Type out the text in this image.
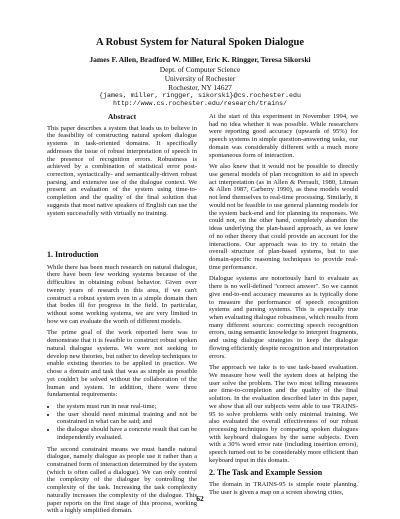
A Robust System for Natural Spoken Dialogue
James F. Allen, Bradford W. Miller, Eric K. Ringger, Teresa Sikorski
Dept. of Computer Science
University of Rochester
Rochester, NY 14627
{james, miller, ringger, sikorski}@cs.rochester.edu
http://www.cs.rochester.edu/research/trains/
Abstract

This paper describes a system that leads us to believe in the feasibility of constructing natural spoken dialogue systems in task-oriented domains. It specifically addresses the issue of robust interpretation of speech in the presence of recognition errors. Robustness is achieved by a combination of statistical error post-correction, syntactically- and semantically-driven robust parsing, and extensive use of the dialogue context. We present an evaluation of the system using time-to-completion and the quality of the final solution that suggests that most native speakers of English can use the system successfully with virtually no training.

1. Introduction

While there has been much research on natural dialogue, there have been few working systems because of the difficulties in obtaining robust behavior. Given over twenty years of research in this area, if we can't construct a robust system even in a simple domain then that bodes ill for progress in the field. In particular, without some working systems, we are very limited in how we can evaluate the worth of different models.

The prime goal of the work reported here was to demonstrate that it is feasible to construct robust spoken natural dialogue systems. We were not seeking to develop new theories, but rather to develop techniques to enable existing theories to be applied in practice. We chose a domain and task that was as simple as possible yet couldn't be solved without the collaboration of the human and system. In addition, there were three fundamental requirements:

• the system must run in near real-time;
• the user should need minimal training and not be constrained in what can be said; and
• the dialogue should have a concrete result that can be independently evaluated.

The second constraint means we must handle natural dialogue, namely dialogue as people use it rather than a constrained form of interaction determined by the system (which is often called a dialogue). We can only control the complexity of the dialogue by controlling the complexity of the task. Increasing the task complexity naturally increases the complexity of the dialogue. This paper reports on the first stage of this process, working with a highly simplified domain.

At the start of this experiment in November 1994, we had no idea whether it was possible. While researchers were reporting good accuracy (upwards of 95%) for speech systems in simple question-answering tasks, our domain was considerably different with a much more spontaneous form of interaction.

We also knew that it would not be possible to directly use general models of plan recognition to aid in speech act interpretation (as in Allen & Perrault, 1980, Litman & Allen 1987, Carberry 1990), as these models would not lend themselves to real-time processing. Similarly, it would not be feasible to use general planning models for the system back-end and for planning its responses. We could not, on the other hand, completely abandon the ideas underlying the plan-based approach, as we knew of no other theory that could provide an account for the interactions. Our approach was to try to retain the overall structure of plan-based systems, but to use domain-specific reasoning techniques to provide real-time performance.

Dialogue systems are notoriously hard to evaluate as there is no well-defined "correct answer". So we cannot give end-to-end accuracy measures as is typically done to measure the performance of speech recognition systems and parsing systems. This is especially true when evaluating dialogue robustness, which results from many different sources: correcting speech recognition errors, using semantic knowledge to interpret fragments, and using dialogue strategies to keep the dialogue flowing efficiently despite recognition and interpretation errors.

The approach we take is to use task-based evaluation. We measure how well the system does at helping the user solve the problem. The two most telling measures are time-to-completion and the quality of the final solution. In the evaluation described later in this paper, we show that all our subjects were able to use TRAINS-95 to solve problems with only minimal training. We also evaluated the overall effectiveness of our robust processing techniques by comparing spoken dialogues with keyboard dialogues by the same subjects. Even with a 30% word error rate (including insertion errors), speech turned out to be considerably more efficient than keyboard input in this domain.

2. The Task and Example Session

The domain in TRAINS-95 is simple route planning. The user is given a map on a screen showing cities,

62
